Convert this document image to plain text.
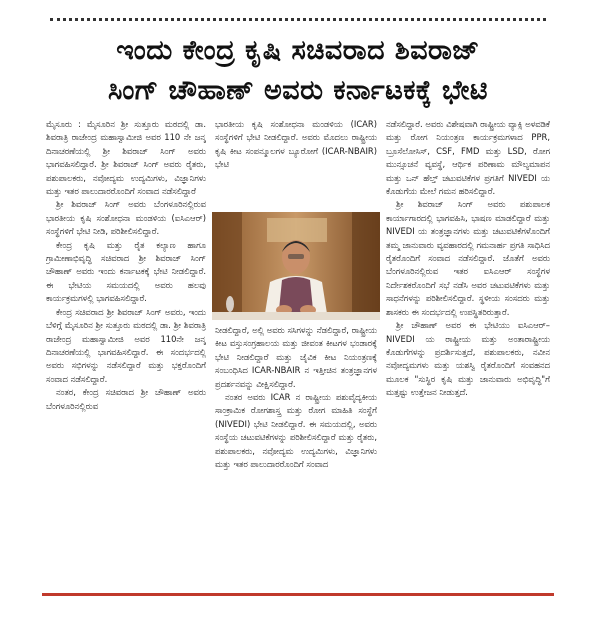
ಇಂದು ಕೇಂದ್ರ ಕೃಷಿ ಸಚಿವರಾದ ಶಿವರಾಜ್
ಸಿಂಗ್ ಚೌಹಾಣ್ ಅವರು ಕರ್ನಾಟಕಕ್ಕೆ ಭೇಟಿ

ಮೈಸೂರು : ಮೈಸೂರಿನ ಶ್ರೀ ಸುತ್ತೂರು ಮಠದಲ್ಲಿ ಡಾ. ಶಿವರಾತ್ರಿ ರಾಜೇಂದ್ರ ಮಹಾಸ್ವಾಮೀಜಿ ಅವರ 110 ನೇ ಜನ್ಮ ದಿನಾಚರಣೆಯಲ್ಲಿ ಶ್ರೀ ಶಿವರಾಜ್ ಸಿಂಗ್ ಅವರು ಭಾಗವಹಿಸಲಿದ್ದಾರೆ. ಶ್ರೀ ಶಿವರಾಜ್ ಸಿಂಗ್ ಅವರು ರೈತರು, ಪಶುಪಾಲಕರು, ನವೋದ್ಯಮ ಉದ್ಯಮಿಗಳು, ವಿಜ್ಞಾನಿಗಳು ಮತ್ತು ಇತರ ಪಾಲುದಾರರೊಂದಿಗೆ ಸಂವಾದ ನಡೆಸಲಿದ್ದಾರೆ

ಶ್ರೀ ಶಿವರಾಜ್ ಸಿಂಗ್ ಅವರು ಬೆಂಗಳೂರಿನಲ್ಲಿರುವ ಭಾರತೀಯ ಕೃಷಿ ಸಂಶೋಧನಾ ಮಂಡಳಿಯ (ಐಸಿಎಆರ್) ಸಂಸ್ಥೆಗಳಿಗೆ ಭೇಟಿ ನೀಡಿ, ಪರಿಶೀಲಿಸಲಿದ್ದಾರೆ.

ಕೇಂದ್ರ ಕೃಷಿ ಮತ್ತು ರೈತ ಕಲ್ಯಾಣ ಹಾಗೂ ಗ್ರಾಮೀಣಾಭಿವೃದ್ಧಿ ಸಚಿವರಾದ ಶ್ರೀ ಶಿವರಾಜ್ ಸಿಂಗ್ ಚೌಹಾಣ್ ಅವರು ಇಂದು ಕರ್ನಾಟಕಕ್ಕೆ ಭೇಟಿ ನೀಡಲಿದ್ದಾರೆ. ಈ ಭೇಟಿಯ ಸಮಯದಲ್ಲಿ ಅವರು ಹಲವು ಕಾರ್ಯಕ್ರಮಗಳಲ್ಲಿ ಭಾಗವಹಿಸಲಿದ್ದಾರೆ.

ಕೇಂದ್ರ ಸಚಿವರಾದ ಶ್ರೀ ಶಿವರಾಜ್ ಸಿಂಗ್ ಅವರು, ಇಂದು ಬೆಳಿಗ್ಗೆ ಮೈಸೂರಿನ ಶ್ರೀ ಸುತ್ತೂರು ಮಠದಲ್ಲಿ ಡಾ. ಶ್ರೀ ಶಿವರಾತ್ರಿ ರಾಜೇಂದ್ರ ಮಹಾಸ್ವಾಮೀಜಿ ಅವರ 110ನೇ ಜನ್ಮ ದಿನಾಚರಣೆಯಲ್ಲಿ ಭಾಗವಹಿಸಲಿದ್ದಾರೆ. ಈ ಸಂದರ್ಭದಲ್ಲಿ ಅವರು ಸಭಿಗಳನ್ನು ನಡೆಸಲಿದ್ದಾರೆ ಮತ್ತು ಭಕ್ತರೊಂದಿಗೆ ಸಂವಾದ ನಡೆಸಲಿದ್ದಾರೆ.

ನಂತರ, ಕೇಂದ್ರ ಸಚಿವರಾದ ಶ್ರೀ ಚೌಹಾಣ್ ಅವರು ಬೆಂಗಳೂರಿನಲ್ಲಿರುವ

ಭಾರತೀಯ ಕೃಷಿ ಸಂಶೋಧನಾ ಮಂಡಳಿಯ (ICAR) ಸಂಸ್ಥೆಗಳಿಗೆ ಭೇಟಿ ನೀಡಲಿದ್ದಾರೆ. ಅವರು ಮೊದಲು ರಾಷ್ಟ್ರೀಯ ಕೃಷಿ ಕೀಟ ಸಂಪನ್ಮೂಲಗಳ ಬ್ಯೂರೋಗೆ (ICAR-NBAIR) ಭೇಟಿ

ನೀಡಲಿದ್ದಾರೆ, ಅಲ್ಲಿ ಅವರು ಸಸಿಗಳನ್ನು ನೆಡಲಿದ್ದಾರೆ, ರಾಷ್ಟ್ರೀಯ ಕೀಟ ವಸ್ತುಸಂಗ್ರಹಾಲಯ ಮತ್ತು ಜೀವಂತ ಕೀಟಗಳ ಭಂಡಾರಕ್ಕೆ ಭೇಟಿ ನೀಡಲಿದ್ದಾರೆ ಮತ್ತು ಜೈವಿಕ ಕೀಟ ನಿಯಂತ್ರಣಕ್ಕೆ ಸಂಬಂಧಿಸಿದ ICAR-NBAIR ನ ಇತ್ತೀಚಿನ ತಂತ್ರಜ್ಞಾನಗಳ ಪ್ರದರ್ಶನವನ್ನು ವೀಕ್ಷಿಸಲಿದ್ದಾರೆ.

ನಂತರ ಅವರು ICAR ನ ರಾಷ್ಟ್ರೀಯ ಪಶುವೈದ್ಯಕೀಯ ಸಾಂಕ್ರಾಮಿಕ ರೋಗಶಾಸ್ತ್ರ ಮತ್ತು ರೋಗ ಮಾಹಿತಿ ಸಂಸ್ಥೆಗೆ (NIVEDI) ಭೇಟಿ ನೀಡಲಿದ್ದಾರೆ. ಈ ಸಮಯದಲ್ಲಿ, ಅವರು ಸಂಸ್ಥೆಯ ಚಟುವಟಿಕೆಗಳನ್ನು ಪರಿಶೀಲಿಸಲಿದ್ದಾರೆ ಮತ್ತು ರೈತರು, ಪಶುಪಾಲಕರು, ನವೋದ್ಯಮ ಉದ್ಯಮಿಗಳು, ವಿಜ್ಞಾನಿಗಳು ಮತ್ತು ಇತರ ಪಾಲುದಾರರೊಂದಿಗೆ ಸಂವಾದ

ನಡೆಸಲಿದ್ದಾರೆ. ಅವರು ವಿಶೇಷವಾಗಿ ರಾಷ್ಟ್ರೀಯ ವ್ಯಾಕ್ಸಿ ಅಳವಡಿಕೆ ಮತ್ತು ರೋಗ ನಿಯಂತ್ರಣ ಕಾರ್ಯಕ್ರಮಗಳಾದ PPR, ಬ್ರೂಸೆಲೋಸಿಸ್, CSF, FMD ಮತ್ತು LSD, ರೋಗ ಮುನ್ಸೂಚನೆ ವ್ಯವಸ್ಥೆ, ಆರ್ಥಿಕ ಪರಿಣಾಮ ಮೌಲ್ಯಮಾಪನ ಮತ್ತು ಒನ್ ಹೆಲ್ತ್ ಚಟುವಟಿಕೆಗಳ ಪ್ರಗತಿಗೆ NIVEDI ಯ ಕೊಡುಗೆಯ ಮೇಲೆ ಗಮನ ಹರಿಸಲಿದ್ದಾರೆ.

ಶ್ರೀ ಶಿವರಾಜ್ ಸಿಂಗ್ ಅವರು ಪಶುಪಾಲಕ ಕಾರ್ಯಾಗಾರದಲ್ಲಿ ಭಾಗವಹಿಸಿ, ಭಾಷಣ ಮಾಡಲಿದ್ದಾರೆ ಮತ್ತು NIVEDI ಯ ತಂತ್ರಜ್ಞಾನಗಳು ಮತ್ತು ಚಟುವಟಿಕೆಗಳೊಂದಿಗೆ ತಮ್ಮ ಜಾನುವಾರು ವ್ಯವಹಾರದಲ್ಲಿ ಗಮನಾರ್ಹ ಪ್ರಗತಿ ಸಾಧಿಸಿದ ರೈತರೊಂದಿಗೆ ಸಂವಾದ ನಡೆಸಲಿದ್ದಾರೆ. ಜೊತೆಗೆ ಅವರು ಬೆಂಗಳೂರಿನಲ್ಲಿರುವ ಇತರ ಐಸಿಎಆರ್ ಸಂಸ್ಥೆಗಳ ನಿರ್ದೇಶಕರೊಂದಿಗೆ ಸಭೆ ನಡೆಸಿ ಅವರ ಚಟುವಟಿಕೆಗಳು ಮತ್ತು ಸಾಧನೆಗಳನ್ನು ಪರಿಶೀಲಿಸಲಿದ್ದಾರೆ. ಸ್ಥಳೀಯ ಸಂಸದರು ಮತ್ತು ಶಾಸಕರು ಈ ಸಂದರ್ಭದಲ್ಲಿ ಉಪಸ್ಥಿತರಿರುತ್ತಾರೆ.

ಶ್ರೀ ಚೌಹಾಣ್ ಅವರ ಈ ಭೇಟಿಯು ಐಸಿಎಆರ್–NIVEDI ಯ ರಾಷ್ಟ್ರೀಯ ಮತ್ತು ಅಂತಾರಾಷ್ಟ್ರೀಯ ಕೊಡುಗೆಗಳನ್ನು ಪ್ರದರ್ಶಿಸುತ್ತದೆ, ಪಶುಪಾಲಕರು, ನವೀನ ನವೋದ್ಯಮಗಳು ಮತ್ತು ಯಶಸ್ವಿ ರೈತರೊಂದಿಗೆ ಸಂವಹನದ ಮೂಲಕ "ಸುಸ್ಥಿರ ಕೃಷಿ ಮತ್ತು ಜಾನುವಾರು ಅಭಿವೃದ್ಧಿ"ಗೆ ಮತ್ತಷ್ಟು ಉತ್ತೇಜನ ನೀಡುತ್ತದೆ.
